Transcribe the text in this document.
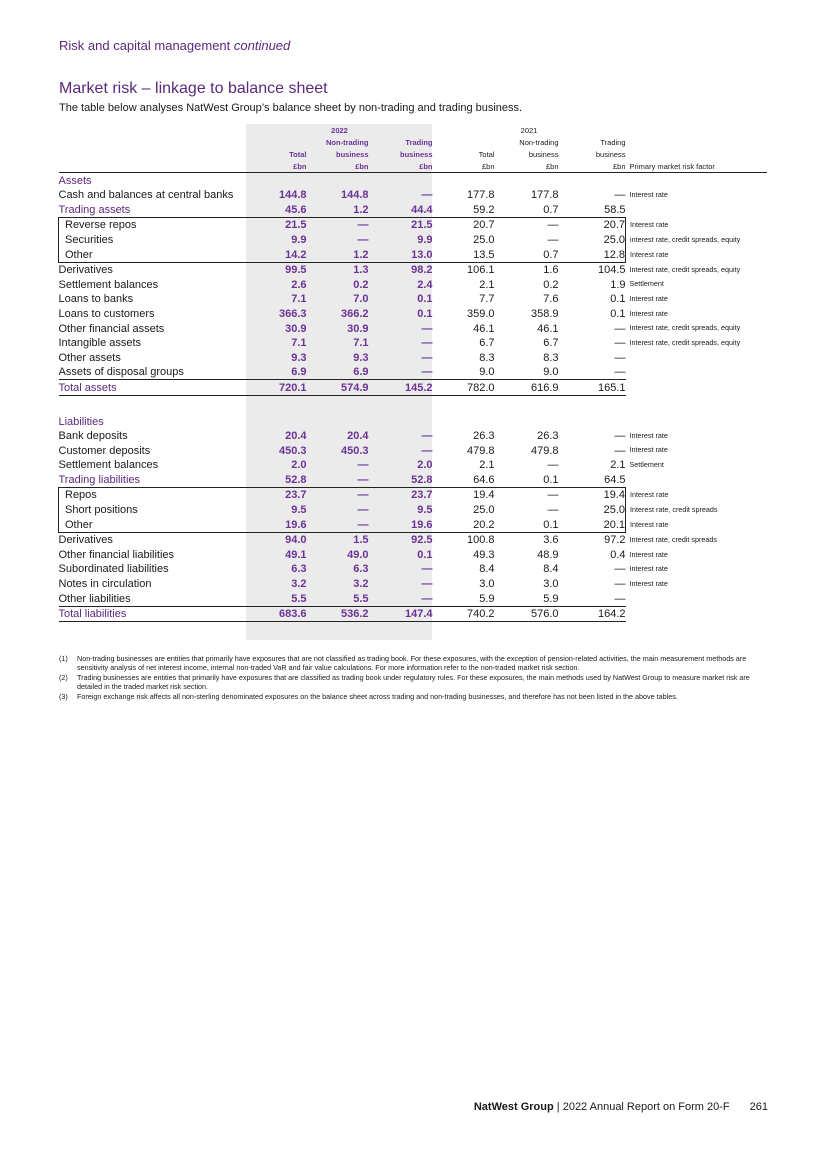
Risk and capital management continued
Market risk – linkage to balance sheet
The table below analyses NatWest Group’s balance sheet by non-trading and trading business.
	2022			2021			
		Non-trading	Trading		Non-trading	Trading	
	Total	business	business	Total	business	business	
	£bn	£bn	£bn	£bn	£bn	£bn	Primary market risk factor
Assets							
Cash and balances at central banks	144.8	144.8	—	177.8	177.8	—	Interest rate
Trading assets	45.6	1.2	44.4	59.2	0.7	58.5	
Reverse repos	21.5	—	21.5	20.7	—	20.7	Interest rate
Securities	9.9	—	9.9	25.0	—	25.0	interest rate, credit spreads, equity
Other	14.2	1.2	13.0	13.5	0.7	12.8	Interest rate
Derivatives	99.5	1.3	98.2	106.1	1.6	104.5	Interest rate, credit spreads, equity
Settlement balances	2.6	0.2	2.4	2.1	0.2	1.9	Settlement
Loans to banks	7.1	7.0	0.1	7.7	7.6	0.1	Interest rate
Loans to customers	366.3	366.2	0.1	359.0	358.9	0.1	Interest rate
Other financial assets	30.9	30.9	—	46.1	46.1	—	Interest rate, credit spreads, equity
Intangible assets	7.1	7.1	—	6.7	6.7	—	Interest rate, credit spreads, equity
Other assets	9.3	9.3	—	8.3	8.3	—	
Assets of disposal groups	6.9	6.9	—	9.0	9.0	—	
Total assets	720.1	574.9	145.2	782.0	616.9	165.1	

Liabilities							
Bank deposits	20.4	20.4	—	26.3	26.3	—	Interest rate
Customer deposits	450.3	450.3	—	479.8	479.8	—	Interest rate
Settlement balances	2.0	—	2.0	2.1	—	2.1	Settlement
Trading liabilities	52.8	—	52.8	64.6	0.1	64.5	
Repos	23.7	—	23.7	19.4	—	19.4	Interest rate
Short positions	9.5	—	9.5	25.0	—	25.0	Interest rate, credit spreads
Other	19.6	—	19.6	20.2	0.1	20.1	Interest rate
Derivatives	94.0	1.5	92.5	100.8	3.6	97.2	Interest rate, credit spreads
Other financial liabilities	49.1	49.0	0.1	49.3	48.9	0.4	Interest rate
Subordinated liabilities	6.3	6.3	—	8.4	8.4	—	Interest rate
Notes in circulation	3.2	3.2	—	3.0	3.0	—	Interest rate
Other liabilities	5.5	5.5	—	5.9	5.9	—	
Total liabilities	683.6	536.2	147.4	740.2	576.0	164.2	
(1)	Non-trading businesses are entities that primarily have exposures that are not classified as trading book. For these exposures, with the exception of pension-related activities, the main measurement methods are sensitivity analysis of net interest income, internal non-traded VaR and fair value calculations. For more information refer to the non-traded market risk section.
(2)	Trading businesses are entities that primarily have exposures that are classified as trading book under regulatory rules. For these exposures, the main methods used by NatWest Group to measure market risk are detailed in the traded market risk section.
(3)	Foreign exchange risk affects all non-sterling denominated exposures on the balance sheet across trading and non-trading businesses, and therefore has not been listed in the above tables.
NatWest Group | 2022 Annual Report on Form 20-F 261
